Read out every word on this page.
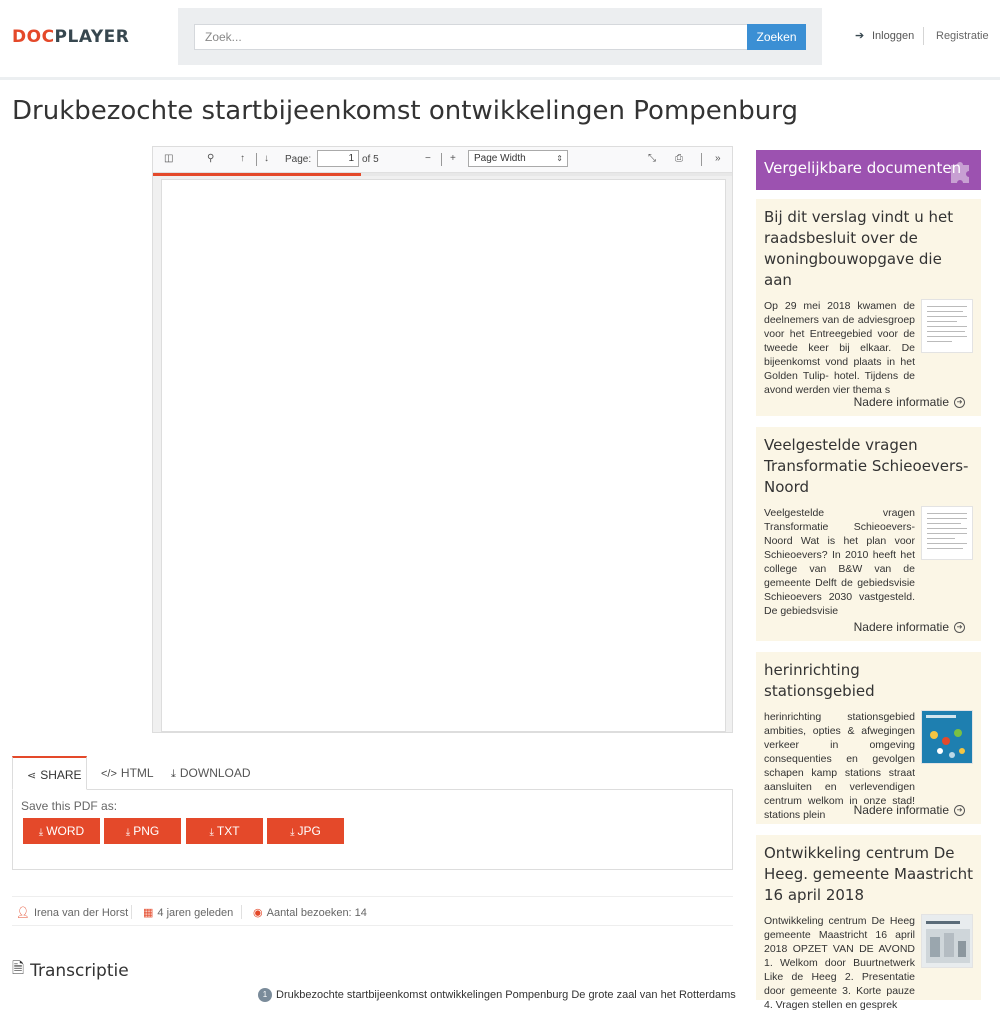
DOCPLAYER
Zoek...	Zoeken	➔ Inloggen Registratie
Drukbezochte startbijeenkomst ontwikkelingen Pompenburg
◫	⚲	↑ ↓ Page:
1	of 5	− +	Page Width	⇕	⤡ ⎙	»
⋖ SHARE	</> HTML	⤓ DOWNLOAD
Save this PDF as:
⤓ WORD	⤓ PNG	⤓ TXT	⤓ JPG
👤︎ Irena van der Horst ▦ 4 jaren geleden ◉ Aantal bezoeken: 14
🗎︎ Transcriptie
1 Drukbezochte startbijeenkomst ontwikkelingen Pompenburg De grote zaal van het Rotterdams
Vergelijkbare documenten
Bij dit verslag vindt u het raadsbesluit over de woningbouwopgave die aan
Op 29 mei 2018 kwamen de deelnemers van de adviesgroep voor het Entreegebied voor de tweede keer bij elkaar. De bijeenkomst vond plaats in het Golden Tulip- hotel. Tijdens de avond werden vier thema s
Nadere informatie	➜
Veelgestelde vragen Transformatie Schieoevers-Noord
Veelgestelde vragen Transformatie Schieoevers-Noord Wat is het plan voor Schieoevers? In 2010 heeft het college van B&W van de gemeente Delft de gebiedsvisie Schieoevers 2030 vastgesteld. De gebiedsvisie
Nadere informatie	➜
herinrichting stationsgebied
herinrichting stationsgebied ambities, opties & afwegingen verkeer in omgeving consequenties en gevolgen schapen kamp stations straat aansluiten en verlevendigen centrum welkom in onze stad! stations plein	Nadere informatie	➜
Ontwikkeling centrum De Heeg. gemeente Maastricht 16 april 2018
Ontwikkeling centrum De Heeg gemeente Maastricht 16 april 2018 OPZET VAN DE AVOND 1. Welkom door Buurtnetwerk Like de Heeg 2. Presentatie door gemeente 3. Korte pauze 4. Vragen stellen en gesprek
